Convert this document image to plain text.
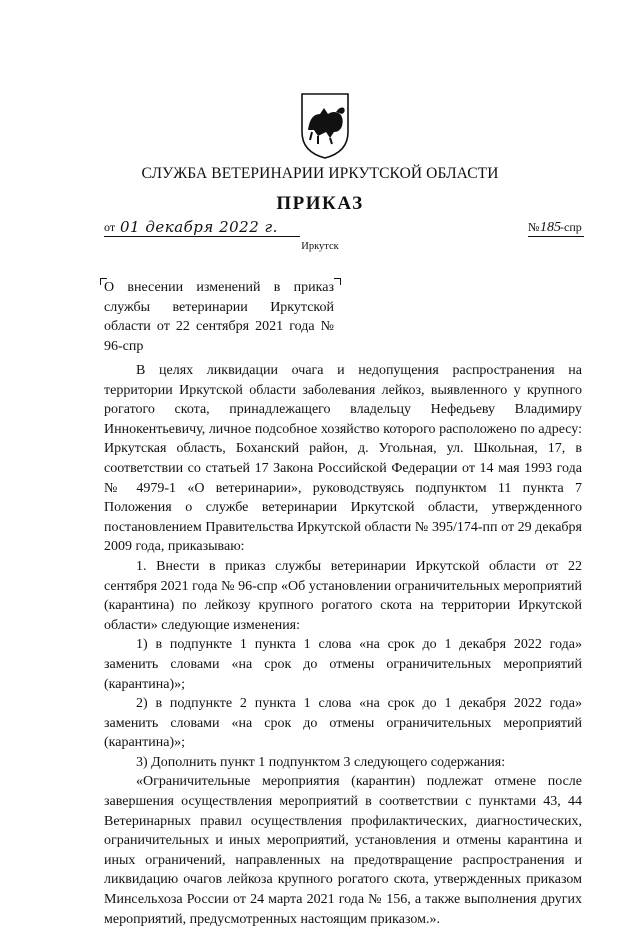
СЛУЖБА ВЕТЕРИНАРИИ ИРКУТСКОЙ ОБЛАСТИ
ПРИКАЗ
от 01 декабря 2022 г.	№ 185 -спр
Иркутск
О внесении изменений в приказ службы ветеринарии Иркутской области от 22 сентября 2021 года № 96-спр

В целях ликвидации очага и недопущения распространения на территории Иркутской области заболевания лейкоз, выявленного у крупного рогатого скота, принадлежащего владельцу Нефедьеву Владимиру Иннокентьевичу, личное подсобное хозяйство которого расположено по адресу: Иркутская область, Боханский район, д. Угольная, ул. Школьная, 17, в соответствии со статьей 17 Закона Российской Федерации от 14 мая 1993 года № 4979-1 «О ветеринарии», руководствуясь подпунктом 11 пункта 7 Положения о службе ветеринарии Иркутской области, утвержденного постановлением Правительства Иркутской области № 395/174-пп от 29 декабря 2009 года, приказываю:

1. Внести в приказ службы ветеринарии Иркутской области от 22 сентября 2021 года № 96-спр «Об установлении ограничительных мероприятий (карантина) по лейкозу крупного рогатого скота на территории Иркутской области» следующие изменения:

1) в подпункте 1 пункта 1 слова «на срок до 1 декабря 2022 года» заменить словами «на срок до отмены ограничительных мероприятий (карантина)»;

2) в подпункте 2 пункта 1 слова «на срок до 1 декабря 2022 года» заменить словами «на срок до отмены ограничительных мероприятий (карантина)»;

3) Дополнить пункт 1 подпунктом 3 следующего содержания:

«Ограничительные мероприятия (карантин) подлежат отмене после завершения осуществления мероприятий в соответствии с пунктами 43, 44 Ветеринарных правил осуществления профилактических, диагностических, ограничительных и иных мероприятий, установления и отмены карантина и иных ограничений, направленных на предотвращение распространения и ликвидацию очагов лейкоза крупного рогатого скота, утвержденных приказом Минсельхоза России от 24 марта 2021 года № 156, а также выполнения других мероприятий, предусмотренных настоящим приказом.».
